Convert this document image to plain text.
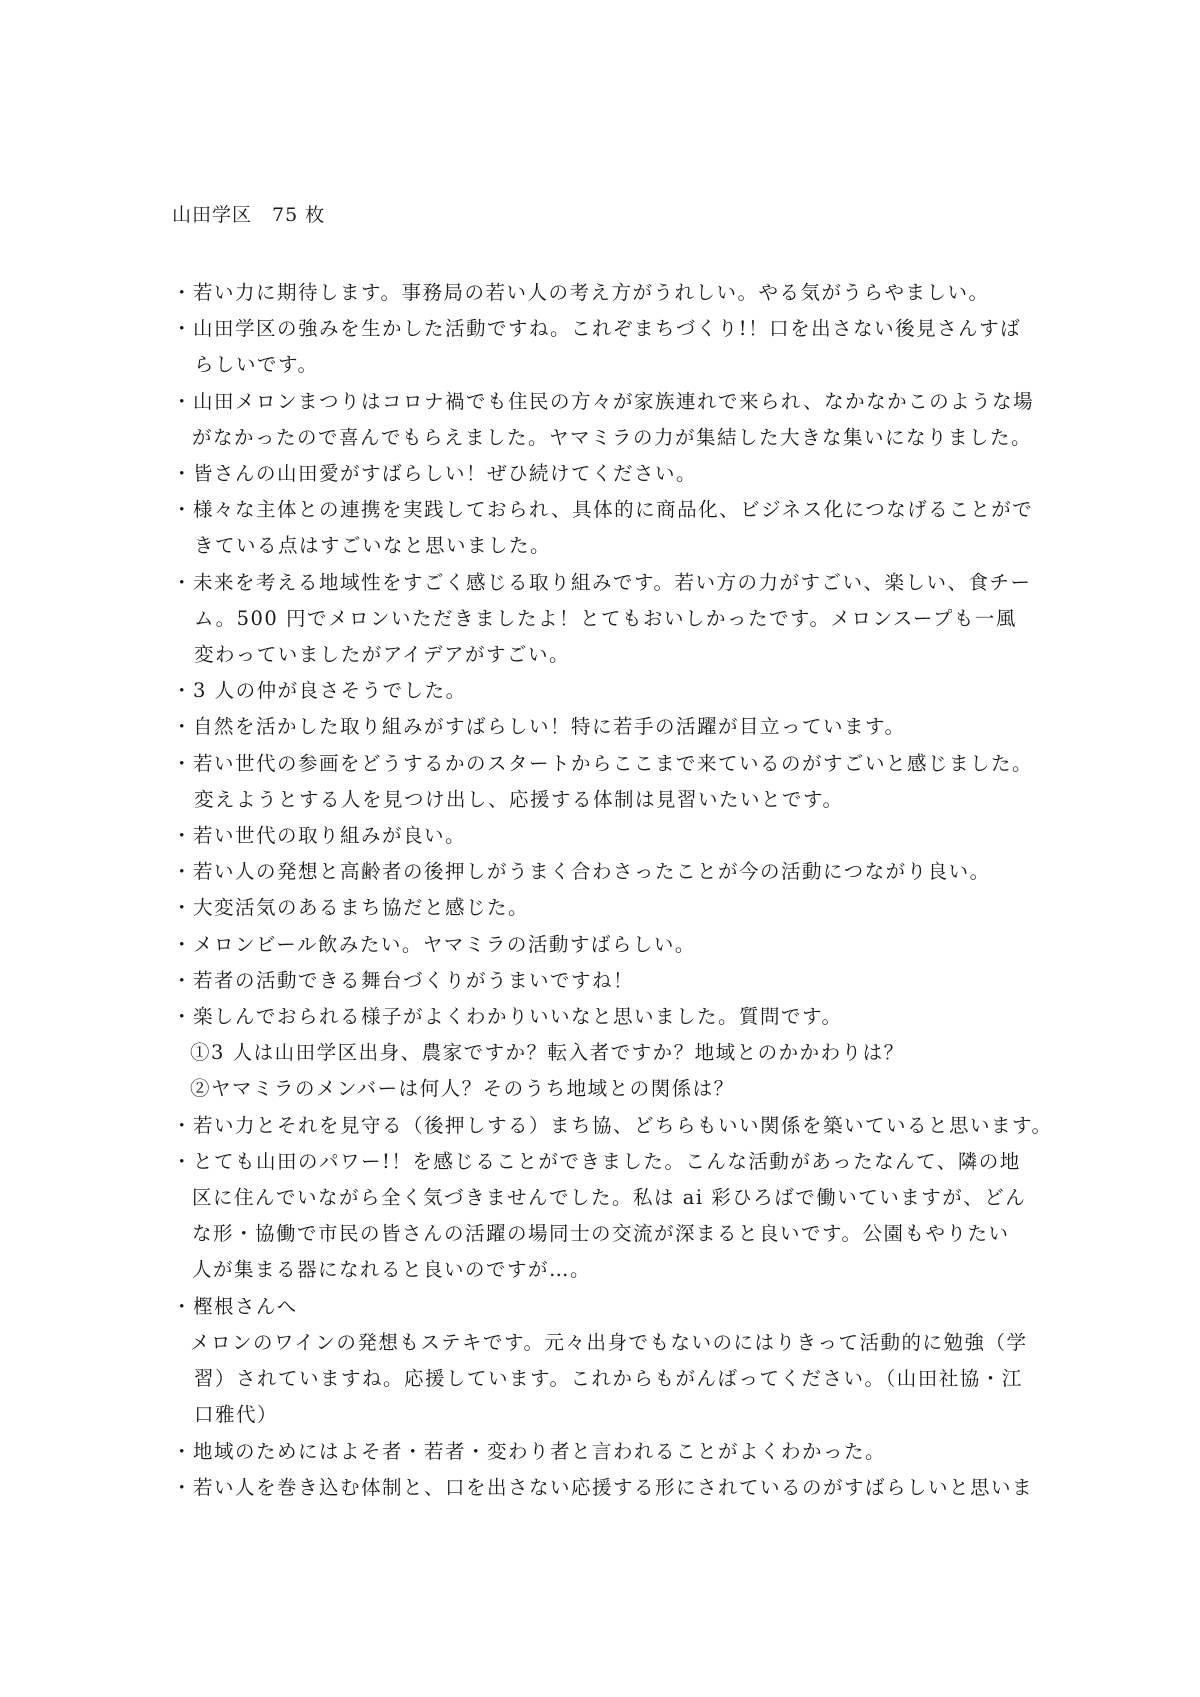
山田学区 75 枚
・若い力に期待します。事務局の若い人の考え方がうれしい。やる気がうらやましい。
・山田学区の強みを生かした活動ですね。これぞまちづくり!！口を出さない後見さんすば
らしいです。
・山田メロンまつりはコロナ禍でも住民の方々が家族連れで来られ、なかなかこのような場
がなかったので喜んでもらえました。ヤマミラの力が集結した大きな集いになりました。
・皆さんの山田愛がすばらしい！ぜひ続けてください。
・様々な主体との連携を実践しておられ、具体的に商品化、ビジネス化につなげることがで
きている点はすごいなと思いました。
・未来を考える地域性をすごく感じる取り組みです。若い方の力がすごい、楽しい、食チー
ム。500 円でメロンいただきましたよ！とてもおいしかったです。メロンスープも一風
変わっていましたがアイデアがすごい。
・3 人の仲が良さそうでした。
・自然を活かした取り組みがすばらしい！特に若手の活躍が目立っています。
・若い世代の参画をどうするかのスタートからここまで来ているのがすごいと感じました。
変えようとする人を見つけ出し、応援する体制は見習いたいとです。
・若い世代の取り組みが良い。
・若い人の発想と高齢者の後押しがうまく合わさったことが今の活動につながり良い。
・大変活気のあるまち協だと感じた。
・メロンビール飲みたい。ヤマミラの活動すばらしい。
・若者の活動できる舞台づくりがうまいですね！
・楽しんでおられる様子がよくわかりいいなと思いました。質問です。
①3 人は山田学区出身、農家ですか？転入者ですか？地域とのかかわりは？
②ヤマミラのメンバーは何人？そのうち地域との関係は？
・若い力とそれを見守る（後押しする）まち協、どちらもいい関係を築いていると思います。
・とても山田のパワー!！を感じることができました。こんな活動があったなんて、隣の地
区に住んでいながら全く気づきませんでした。私は ai 彩ひろばで働いていますが、どん
な形・協働で市民の皆さんの活躍の場同士の交流が深まると良いです。公園もやりたい
人が集まる器になれると良いのですが…。
・樫根さんへ
メロンのワインの発想もステキです。元々出身でもないのにはりきって活動的に勉強（学
習）されていますね。応援しています。これからもがんばってください。（山田社協・江
口雅代）
・地域のためにはよそ者・若者・変わり者と言われることがよくわかった。
・若い人を巻き込む体制と、口を出さない応援する形にされているのがすばらしいと思いま
